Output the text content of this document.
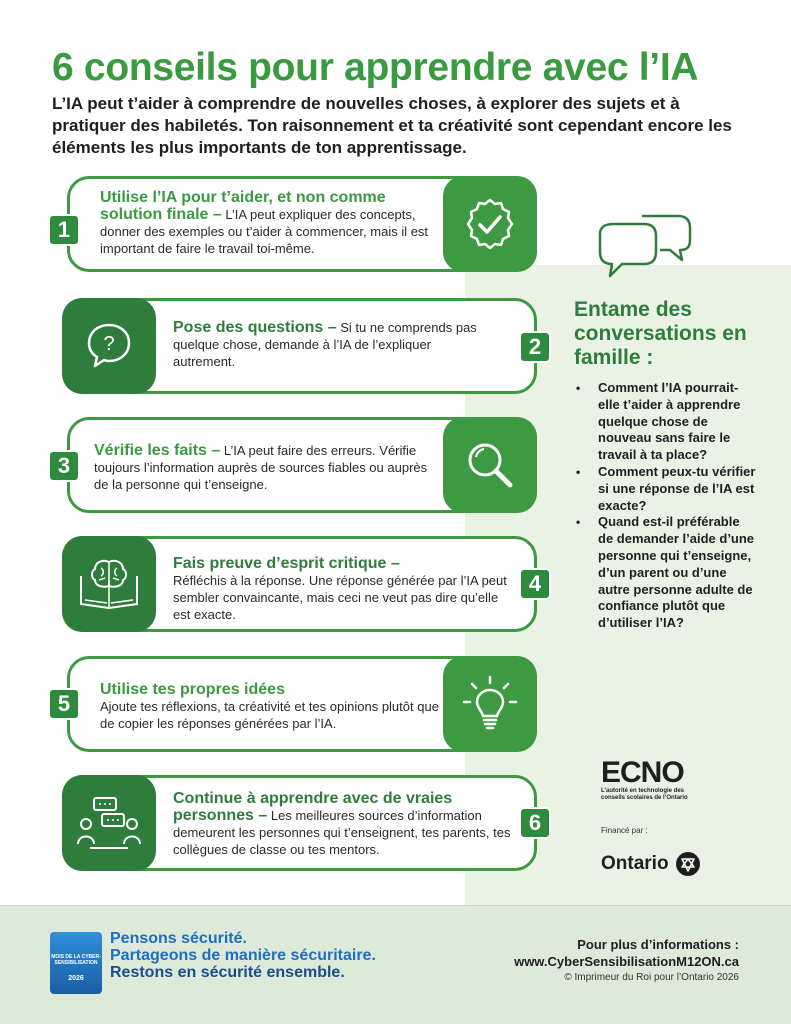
6 conseils pour apprendre avec l’IA

L’IA peut t’aider à comprendre de nouvelles choses, à explorer des sujets et à pratiquer des habiletés. Ton raisonnement et ta créativité sont cependant encore les éléments les plus importants de ton apprentissage.

Utilise l’IA pour t’aider, et non comme solution finale – L’IA peut expliquer des concepts, donner des exemples ou t’aider à commencer, mais il est important de faire le travail toi-même.
1
?
Pose des questions – Si tu ne comprends pas quelque chose, demande à l’IA de l’expliquer autrement.
2
Vérifie les faits – L’IA peut faire des erreurs. Vérifie toujours l’information auprès de sources fiables ou auprès de la personne qui t’enseigne.
3
Fais preuve d’esprit critique –
Réfléchis à la réponse. Une réponse générée par l’IA peut sembler convaincante, mais ceci ne veut pas dire qu’elle est exacte.
4
Utilise tes propres idées
Ajoute tes réflexions, ta créativité et tes opinions plutôt que de copier les réponses générées par l’IA.
5
Continue à apprendre avec de vraies personnes – Les meilleures sources d’information demeurent les personnes qui t’enseignent, tes parents, tes collègues de classe ou tes mentors.
6
Entame des conversations en famille :
• Comment l’IA pourrait-elle t’aider à apprendre quelque chose de nouveau sans faire le travail à ta place?
• Comment peux-tu vérifier si une réponse de l’IA est exacte?
• Quand est-il préférable de demander l’aide d’une personne qui t’enseigne, d’un parent ou d’une autre personne adulte de confiance plutôt que d’utiliser l’IA?
ECNO
L’autorité en technologie des conseils scolaires de l’Ontario
Financé par :
Ontario
MOIS DE LA CYBER-SENSIBILISATION
2026
Pensons sécurité.
Partageons de manière sécuritaire.
Restons en sécurité ensemble.
Pour plus d’informations :
www.CyberSensibilisationM12ON.ca
© Imprimeur du Roi pour l’Ontario 2026
